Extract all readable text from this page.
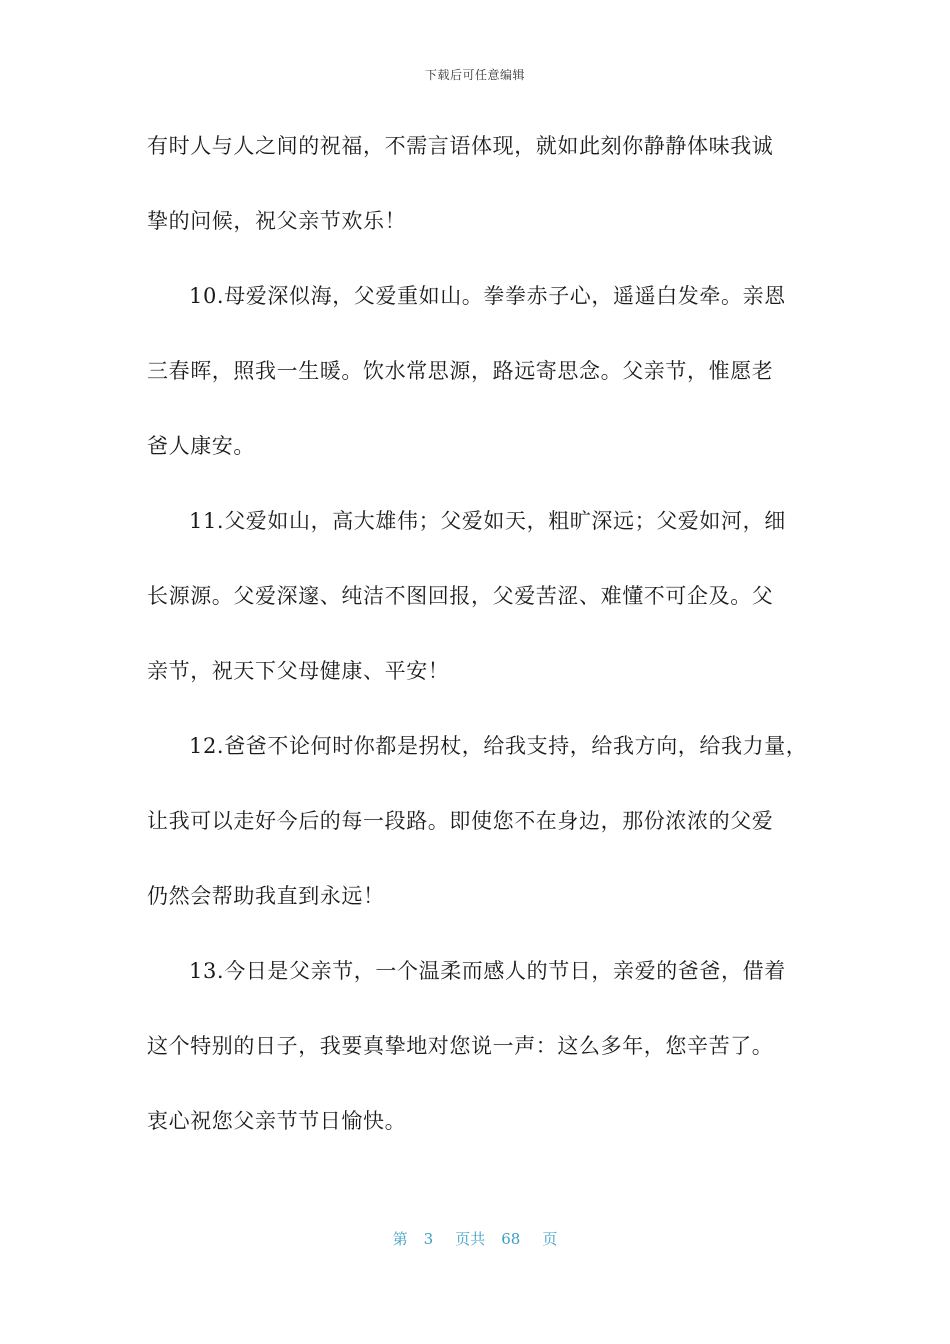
下载后可任意编辑
有时人与人之间的祝福，不需言语体现，就如此刻你静静体味我诚
挚的问候，祝父亲节欢乐！
10.母爱深似海，父爱重如山。拳拳赤子心，遥遥白发牵。亲恩
三春晖，照我一生暖。饮水常思源，路远寄思念。父亲节，惟愿老
爸人康安。
11.父爱如山，高大雄伟；父爱如天，粗旷深远；父爱如河，细
长源源。父爱深邃、纯洁不图回报，父爱苦涩、难懂不可企及。父
亲节，祝天下父母健康、平安！
12.爸爸不论何时你都是拐杖，给我支持，给我方向，给我力量，
让我可以走好今后的每一段路。即使您不在身边，那份浓浓的父爱
仍然会帮助我直到永远！
13.今日是父亲节，一个温柔而感人的节日，亲爱的爸爸，借着
这个特别的日子，我要真挚地对您说一声：这么多年，您辛苦了。
衷心祝您父亲节节日愉快。
第 3 页共 68 页
